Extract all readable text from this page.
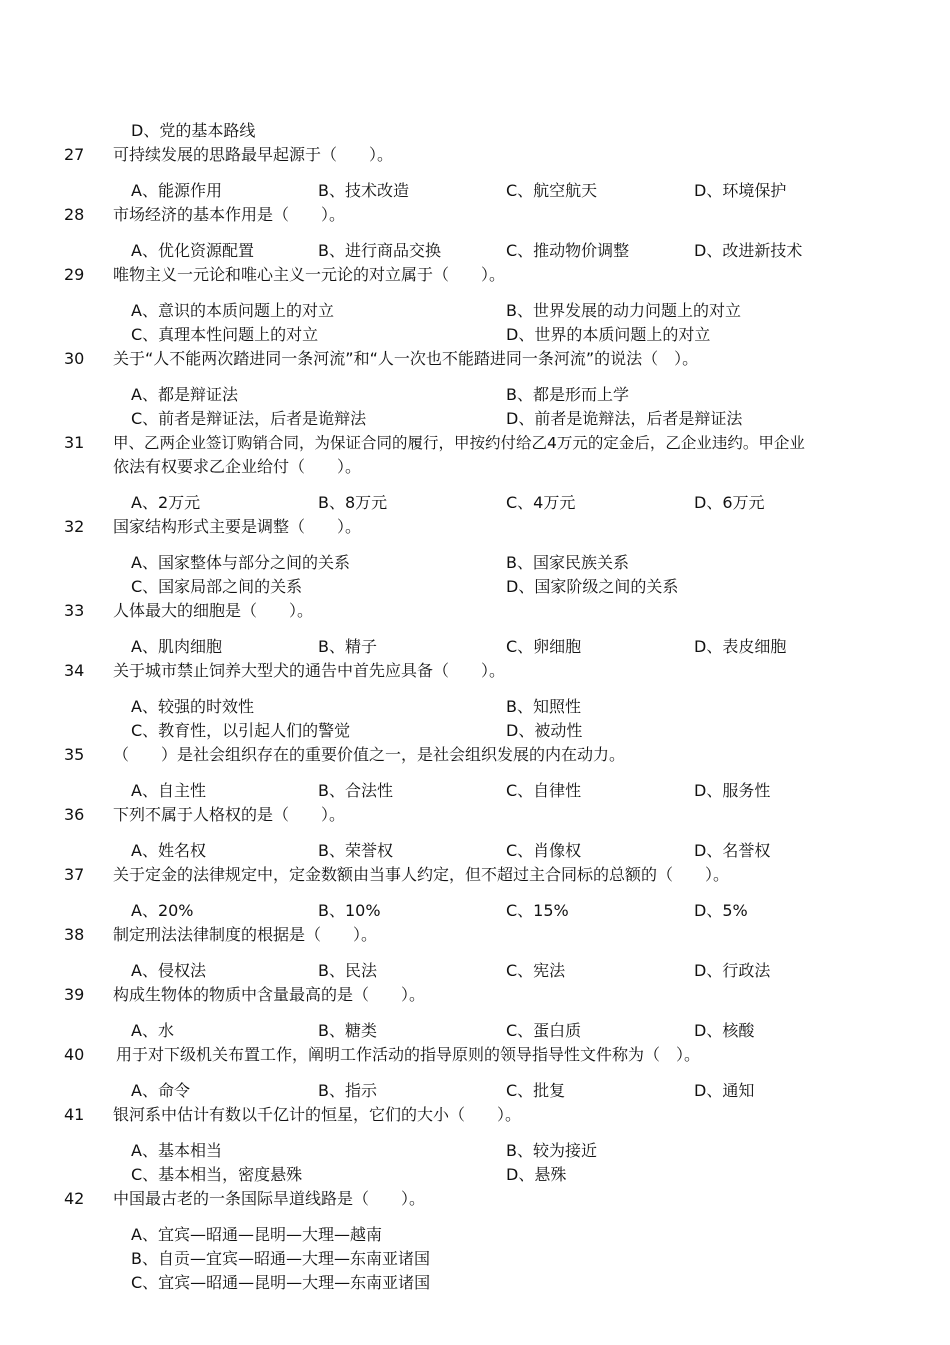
D、党的基本路线
27 可持续发展的思路最早起源于（　　）。
A、能源作用	B、技术改造	C、航空航天	D、环境保护
28 市场经济的基本作用是（　　）。
A、优化资源配置	B、进行商品交换	C、推动物价调整	D、改进新技术
29 唯物主义一元论和唯心主义一元论的对立属于（　　）。
A、意识的本质问题上的对立	B、世界发展的动力问题上的对立
C、真理本性问题上的对立	D、世界的本质问题上的对立
30 关于“人不能两次踏进同一条河流”和“人一次也不能踏进同一条河流”的说法（　）。
A、都是辩证法	B、都是形而上学
C、前者是辩证法，后者是诡辩法	D、前者是诡辩法，后者是辩证法
31 甲、乙两企业签订购销合同，为保证合同的履行，甲按约付给乙4万元的定金后，乙企业违约。甲企业
依法有权要求乙企业给付（　　）。
A、2万元	B、8万元	C、4万元	D、6万元
32 国家结构形式主要是调整（　　）。
A、国家整体与部分之间的关系	B、国家民族关系
C、国家局部之间的关系	D、国家阶级之间的关系
33 人体最大的细胞是（　　）。
A、肌肉细胞	B、精子	C、卵细胞	D、表皮细胞
34 关于城市禁止饲养大型犬的通告中首先应具备（　　）。
A、较强的时效性	B、知照性
C、教育性，以引起人们的警觉	D、被动性
35 （　　）是社会组织存在的重要价值之一，是社会组织发展的内在动力。
A、自主性	B、合法性	C、自律性	D、服务性
36 下列不属于人格权的是（　　）。
A、姓名权	B、荣誉权	C、肖像权	D、名誉权
37 关于定金的法律规定中，定金数额由当事人约定，但不超过主合同标的总额的（　　）。
A、20%	B、10%	C、15%	D、5%
38 制定刑法法律制度的根据是（　　）。
A、侵权法	B、民法	C、宪法	D、行政法
39 构成生物体的物质中含量最高的是（　　）。
A、水	B、糖类	C、蛋白质	D、核酸
40 用于对下级机关布置工作，阐明工作活动的指导原则的领导指导性文件称为（　）。
A、命令	B、指示	C、批复	D、通知
41 银河系中估计有数以千亿计的恒星，它们的大小（　　）。
A、基本相当	B、较为接近
C、基本相当，密度悬殊	D、悬殊
42 中国最古老的一条国际旱道线路是（　　）。
A、宜宾—昭通—昆明—大理—越南
B、自贡—宜宾—昭通—大理—东南亚诸国
C、宜宾—昭通—昆明—大理—东南亚诸国
